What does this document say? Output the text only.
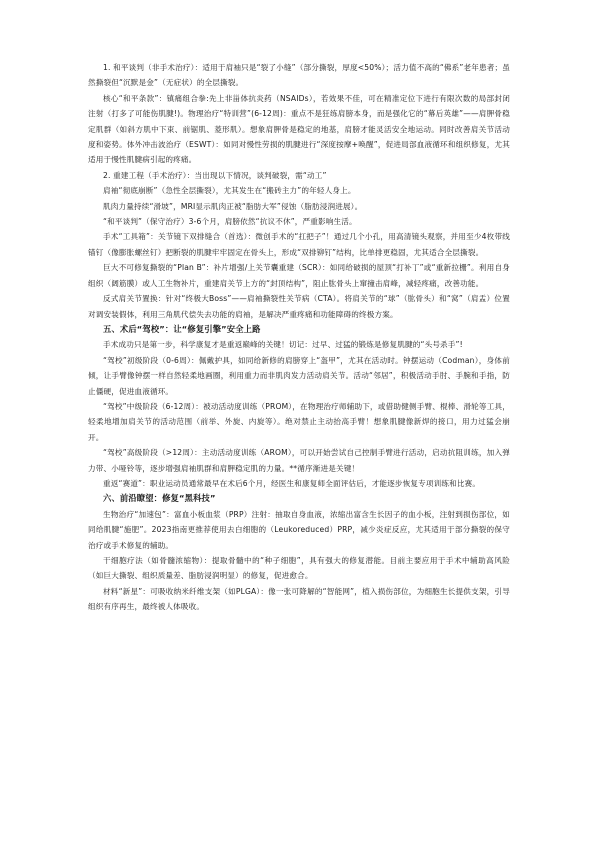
1. 和平谈判（非手术治疗）：适用于肩袖只是“裂了小缝”（部分撕裂，厚度<50%）；活力值不高的“佛系”老年患者；虽然撕裂但“沉默是金”（无症状）的全层撕裂。

核心“和平条款”：镇痛组合拳:先上非甾体抗炎药（NSAIDs），若效果不佳，可在精准定位下进行有限次数的局部封闭注射（打多了可能伤肌腱!)。物理治疗“特训营”(6-12周)：重点不是狂练肩膀本身，而是强化它的“幕后英雄”——肩胛骨稳定肌群（如斜方肌中下束、前锯肌、菱形肌）。想象肩胛骨是稳定的地基，肩膀才能灵活安全地运动。同时改善肩关节活动度和姿势。体外冲击波治疗（ESWT）：如同对慢性劳损的肌腱进行“深度按摩+唤醒”，促进局部血液循环和组织修复，尤其适用于慢性肌腱病引起的疼痛。

2. 重建工程（手术治疗）：当出现以下情况，谈判破裂，需“动工”

肩袖“彻底崩断”（急性全层撕裂），尤其发生在“搬砖主力”的年轻人身上。

肌肉力量持续“滑坡”，MRI显示肌肉正被“脂肪大军”侵蚀（脂肪浸润进展）。

“和平谈判”（保守治疗）3-6个月，肩膀依然“抗议不休”，严重影响生活。

手术“工具箱”：关节镜下双排缝合（首选）：微创手术的“扛把子”！通过几个小孔，用高清镜头观察，并用至少4枚带线锚钉（像膨胀螺丝钉）把断裂的肌腱牢牢固定在骨头上，形成“双排铆钉”结构，比单排更稳固，尤其适合全层撕裂。

巨大不可修复撕裂的“Plan B”：补片增强/上关节囊重建（SCR）：如同给破损的屋顶“打补丁”或“重新拉栅”。利用自身组织（阔筋膜）或人工生物补片，重建肩关节上方的“封顶结构”，阻止肱骨头上窜撞击肩峰，减轻疼痛，改善功能。

反式肩关节置换：针对“终极大Boss”——肩袖撕裂性关节病（CTA）。将肩关节的“球”（肱骨头）和“窝”（肩盂）位置对调安装假体，利用三角肌代偿失去功能的肩袖，是解决严重疼痛和功能障碍的终极方案。

五、术后“驾校”：让“修复引擎”安全上路

手术成功只是第一步，科学康复才是重返巅峰的关键！切记：过早、过猛的锻炼是修复肌腱的“头号杀手”!

“驾校”初级阶段（0-6周）：佩戴护具，如同给新修的肩膀穿上“盔甲”，尤其在活动时。钟摆运动（Codman），身体前倾，让手臂像钟摆一样自然轻柔地画圈，利用重力而非肌肉发力活动肩关节。活动“邻居”，积极活动手肘、手腕和手指，防止僵硬，促进血液循环。

“驾校”中级阶段（6-12周）：被动活动度训练（PROM），在物理治疗师辅助下，或借助健侧手臂、棍棒、滑轮等工具，轻柔地增加肩关节的活动范围（前举、外旋、内旋等）。绝对禁止主动抬高手臂！想象肌腱像新焊的接口，用力过猛会崩开。

“驾校”高级阶段（>12周）：主动活动度训练（AROM），可以开始尝试自己控制手臂进行活动，启动抗阻训练，加入弹力带、小哑铃等，逐步增强肩袖肌群和肩胛稳定肌的力量。**循序渐进是关键！

重返“赛道”：职业运动员通常最早在术后6个月，经医生和康复师全面评估后，才能逐步恢复专项训练和比赛。

六、前沿瞭望：修复“黑科技”

生物治疗“加速包”：富血小板血浆（PRP）注射：抽取自身血液，浓缩出富含生长因子的血小板，注射到损伤部位，如同给肌腱“施肥”。2023指南更推荐使用去白细胞的（Leukoreduced）PRP，减少炎症反应，尤其适用于部分撕裂的保守治疗或手术修复的辅助。

干细胞疗法（如骨髓浓缩物）：提取骨髓中的“种子细胞”，具有强大的修复潜能。目前主要应用于手术中辅助高风险（如巨大撕裂、组织质量差、脂肪浸润明显）的修复，促进愈合。

材料“新星”：可吸收纳米纤维支架（如PLGA）：像一张可降解的“智能网”，植入损伤部位，为细胞生长提供支架，引导组织有序再生，最终被人体吸收。
